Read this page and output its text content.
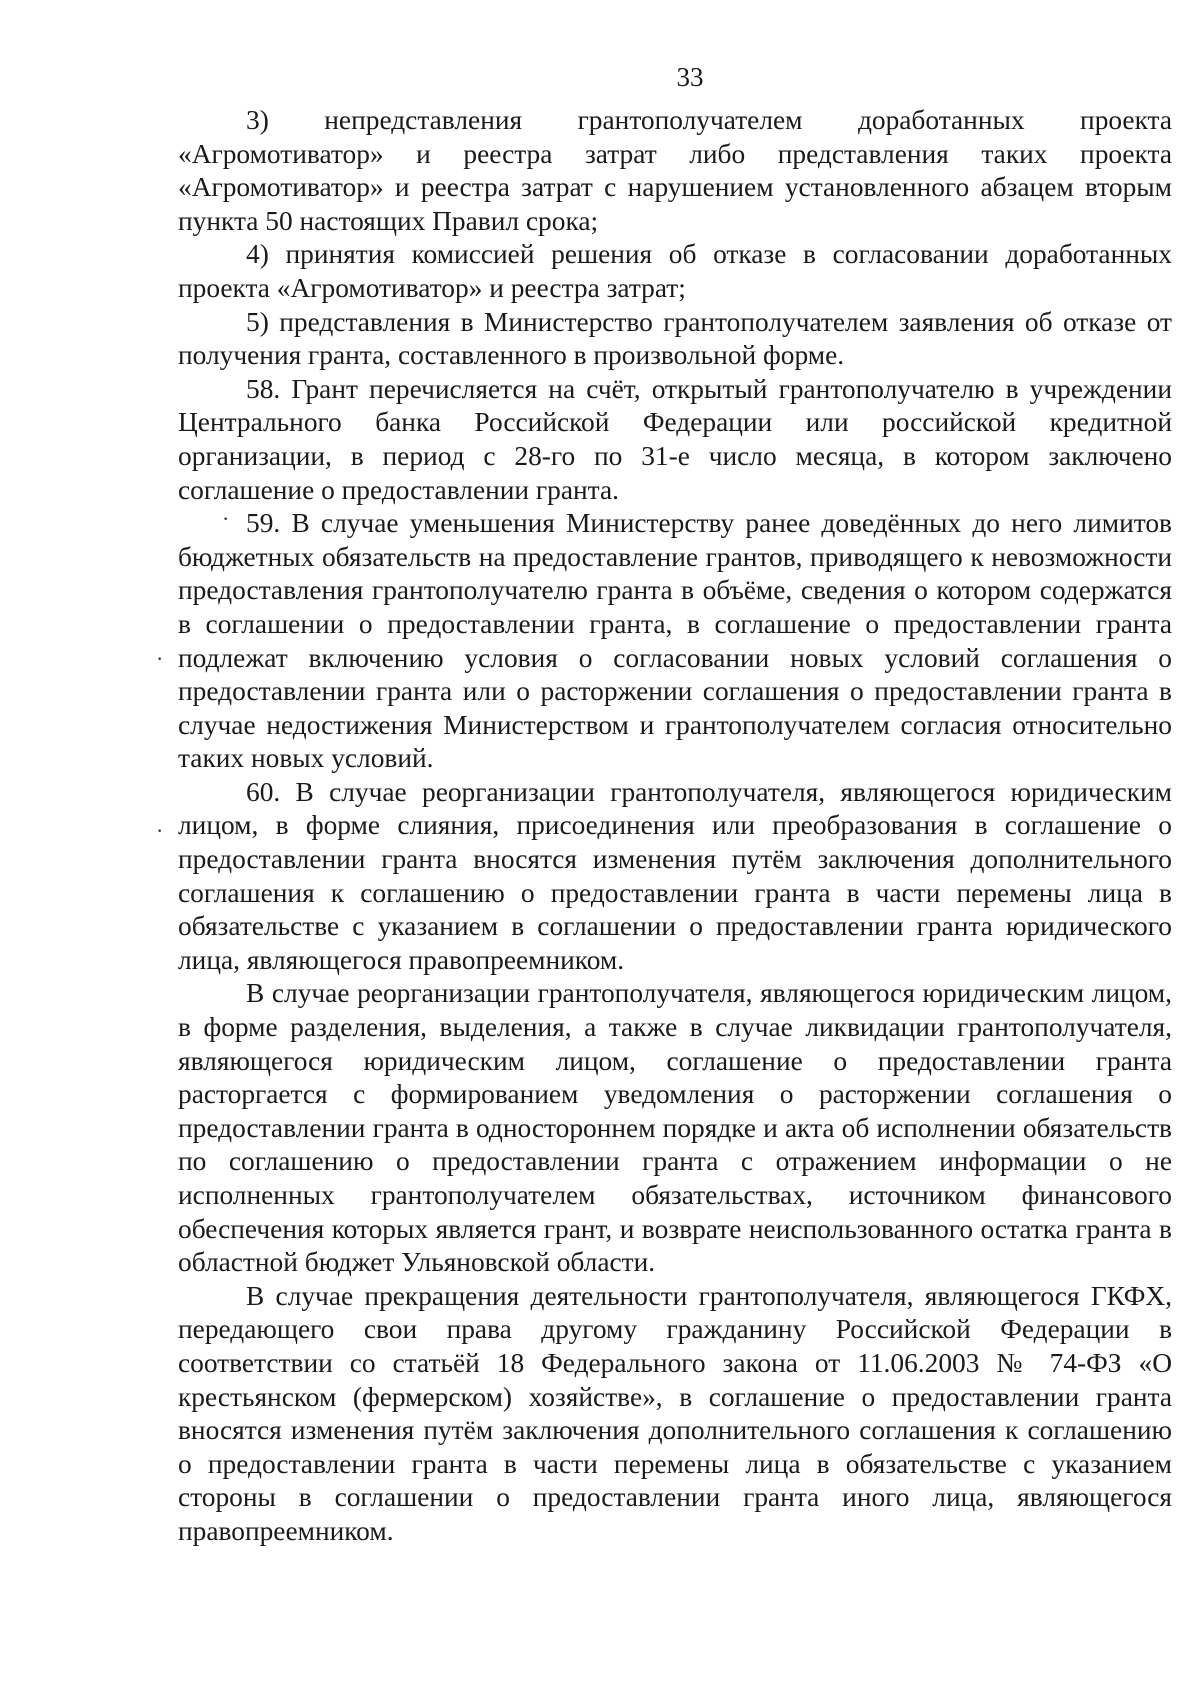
33

3) непредставления грантополучателем доработанных проекта «Агромотиватор» и реестра затрат либо представления таких проекта «Агромотиватор» и реестра затрат с нарушением установленного абзацем вторым пункта 50 настоящих Правил срока;

4) принятия комиссией решения об отказе в согласовании доработанных проекта «Агромотиватор» и реестра затрат;

5) представления в Министерство грантополучателем заявления об отказе от получения гранта, составленного в произвольной форме.

58. Грант перечисляется на счёт, открытый грантополучателю в учреждении Центрального банка Российской Федерации или российской кредитной организации, в период с 28-го по 31-е число месяца, в котором заключено соглашение о предоставлении гранта.

59. В случае уменьшения Министерству ранее доведённых до него лимитов бюджетных обязательств на предоставление грантов, приводящего к невозможности предоставления грантополучателю гранта в объёме, сведения о котором содержатся в соглашении о предоставлении гранта, в соглашение о предоставлении гранта подлежат включению условия о согласовании новых условий соглашения о предоставлении гранта или о расторжении соглашения о предоставлении гранта в случае недостижения Министерством и грантополучателем согласия относительно таких новых условий.

60. В случае реорганизации грантополучателя, являющегося юридическим лицом, в форме слияния, присоединения или преобразования в соглашение о предоставлении гранта вносятся изменения путём заключения дополнительного соглашения к соглашению о предоставлении гранта в части перемены лица в обязательстве с указанием в соглашении о предоставлении гранта юридического лица, являющегося правопреемником.

В случае реорганизации грантополучателя, являющегося юридическим лицом, в форме разделения, выделения, а также в случае ликвидации грантополучателя, являющегося юридическим лицом, соглашение о предоставлении гранта расторгается с формированием уведомления о расторжении соглашения о предоставлении гранта в одностороннем порядке и акта об исполнении обязательств по соглашению о предоставлении гранта с отражением информации о не исполненных грантополучателем обязательствах, источником финансового обеспечения которых является грант, и возврате неиспользованного остатка гранта в областной бюджет Ульяновской области.

В случае прекращения деятельности грантополучателя, являющегося ГКФХ, передающего свои права другому гражданину Российской Федерации в соответствии со статьёй 18 Федерального закона от 11.06.2003 № 74-ФЗ «О крестьянском (фермерском) хозяйстве», в соглашение о предоставлении гранта вносятся изменения путём заключения дополнительного соглашения к соглашению о предоставлении гранта в части перемены лица в обязательстве с указанием стороны в соглашении о предоставлении гранта иного лица, являющегося правопреемником.

·
·
·
